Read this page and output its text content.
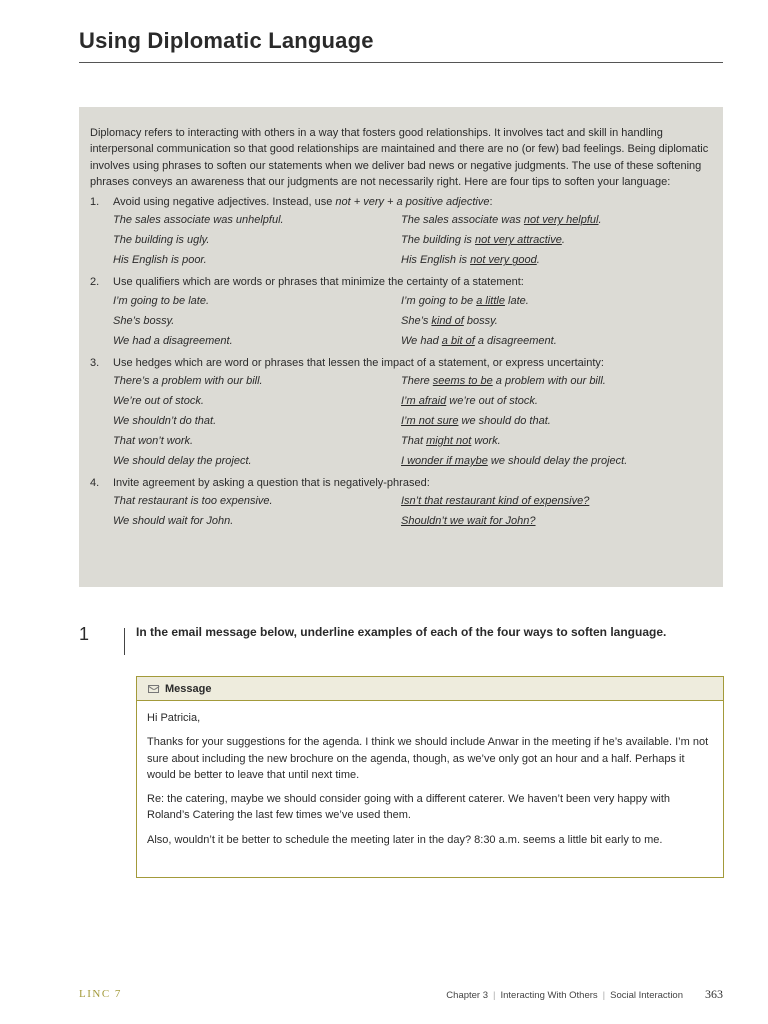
Using Diplomatic Language

Diplomacy refers to interacting with others in a way that fosters good relationships. It involves tact and skill in handling interpersonal communication so that good relationships are maintained and there are no (or few) bad feelings. Being diplomatic involves using phrases to soften our statements when we deliver bad news or negative judgments. The use of these softening phrases conveys an awareness that our judgments are not necessarily right. Here are four tips to soften your language:

1.	Avoid using negative adjectives. Instead, use not + very + a positive adjective:
The sales associate was unhelpful.	The sales associate was not very helpful.
The building is ugly.	The building is not very attractive.
His English is poor.	His English is not very good.
2.	Use qualifiers which are words or phrases that minimize the certainty of a statement:
I’m going to be late.	I’m going to be a little late.
She’s bossy.	She’s kind of bossy.
We had a disagreement.	We had a bit of a disagreement.
3.	Use hedges which are word or phrases that lessen the impact of a statement, or express uncertainty:
There’s a problem with our bill.	There seems to be a problem with our bill.
We’re out of stock.	I’m afraid we’re out of stock.
We shouldn’t do that.	I’m not sure we should do that.
That won’t work.	That might not work.
We should delay the project.	I wonder if maybe we should delay the project.
4.	Invite agreement by asking a question that is negatively-phrased:
That restaurant is too expensive.	Isn’t that restaurant kind of expensive?
We should wait for John.	Shouldn’t we wait for John?
1	In the email message below, underline examples of each of the four ways to soften language.

Message

Hi Patricia,

Thanks for your suggestions for the agenda. I think we should include Anwar in the meeting if he’s available. I’m not sure about including the new brochure on the agenda, though, as we’ve only got an hour and a half. Perhaps it would be better to leave that until next time.

Re: the catering, maybe we should consider going with a different caterer. We haven’t been very happy with Roland’s Catering the last few times we’ve used them.

Also, wouldn’t it be better to schedule the meeting later in the day? 8:30 a.m. seems a little bit early to me.

LINC 7	Chapter 3 | Interacting With Others | Social Interaction 363
